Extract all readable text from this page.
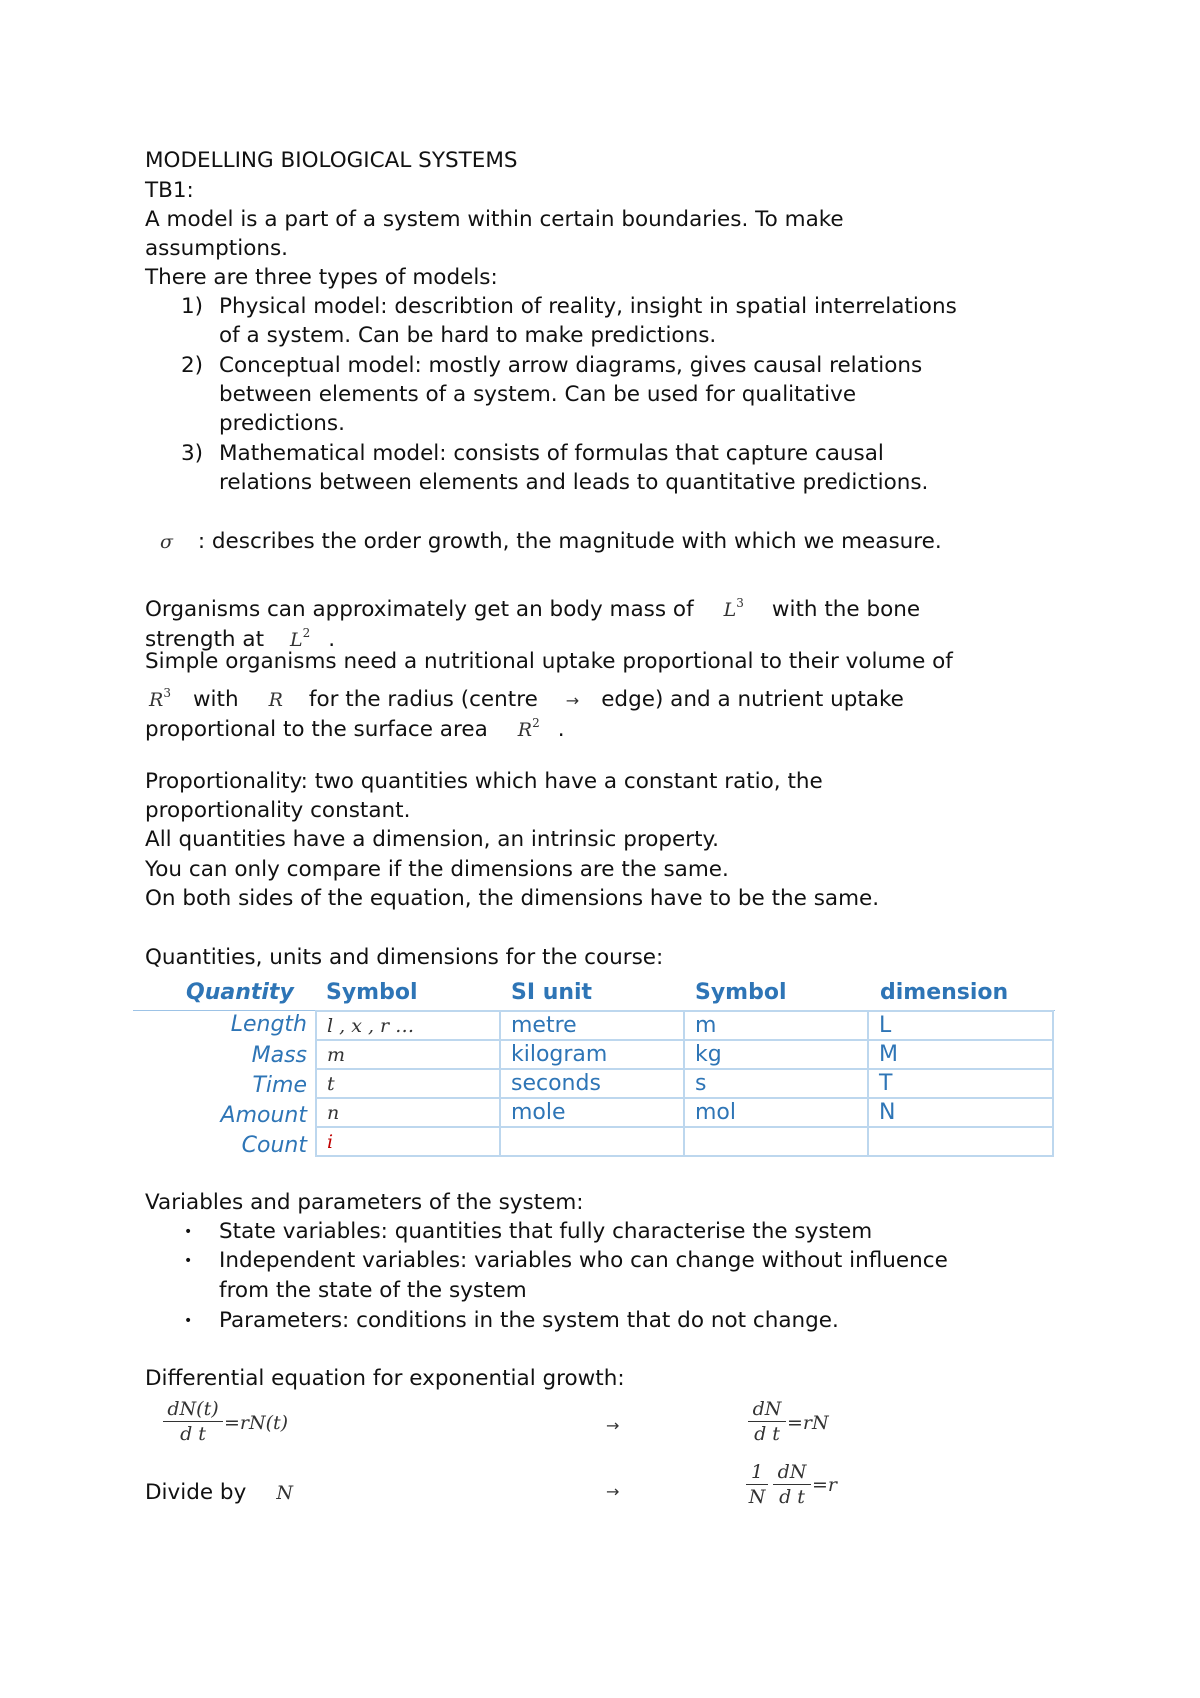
MODELLING BIOLOGICAL SYSTEMS
TB1:
A model is a part of a system within certain boundaries. To make
assumptions.
There are three types of models:
1) Physical model: describtion of reality, insight in spatial interrelations
of a system. Can be hard to make predictions.
2) Conceptual model: mostly arrow diagrams, gives causal relations
between elements of a system. Can be used for qualitative
predictions.
3) Mathematical model: consists of formulas that capture causal
relations between elements and leads to quantitative predictions.
σ : describes the order growth, the magnitude with which we measure.
Organisms can approximately get an body mass of $L^3$ with the bone
strength at $L^2$ .
Simple organisms need a nutritional uptake proportional to their volume of
$R^3$ with R for the radius (centre → edge) and a nutrient uptake
proportional to the surface area $R^2$ .
Proportionality: two quantities which have a constant ratio, the
proportionality constant.
All quantities have a dimension, an intrinsic property.
You can only compare if the dimensions are the same.
On both sides of the equation, the dimensions have to be the same.
Quantities, units and dimensions for the course:
Quantity Symbol	SI unit	Symbol	dimension
Length l , x , r …	metre	m	L
Mass m	kilogram	kg	M
Time t	seconds	s	T
Amount n	mole	mol	N
Count i
Variables and parameters of the system:
• State variables: quantities that fully characterise the system
• Independent variables: variables who can change without influence
from the state of the system
• Parameters: conditions in the system that do not change.
Differential equation for exponential growth:
dN(t)
d t =rN(t)	→
dN
d t =rN
Divide by N	→
1
N
dN
d t
=r
